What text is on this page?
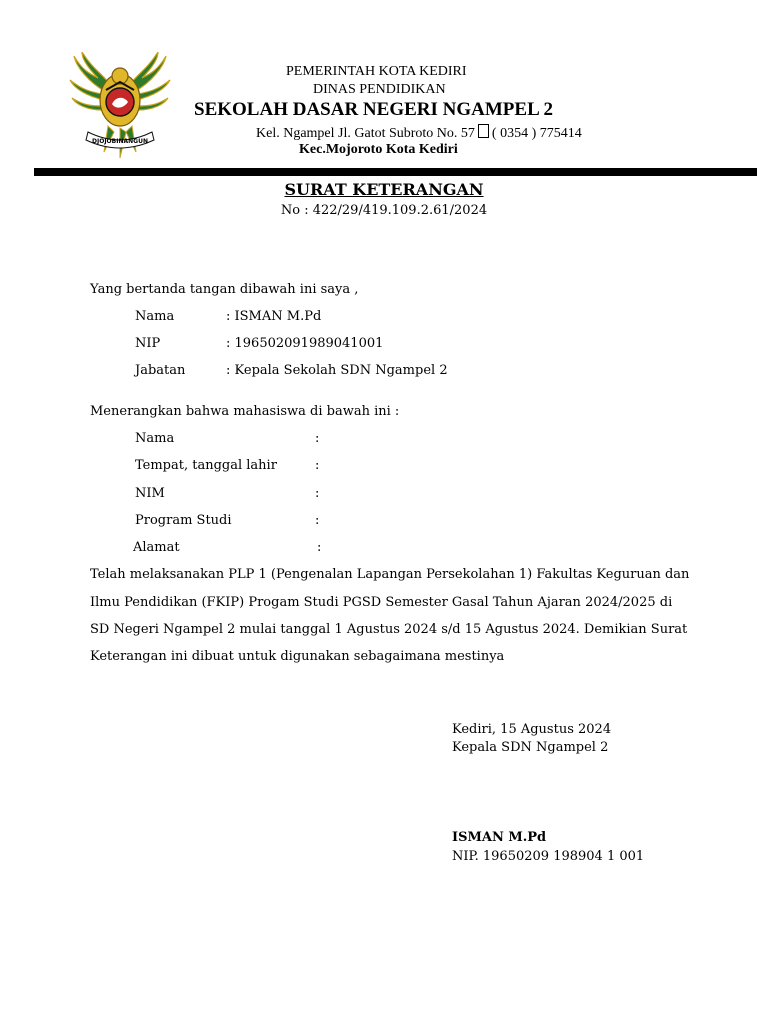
DJOJOBINANGUN
PEMERINTAH KOTA KEDIRI
DINAS PENDIDIKAN
SEKOLAH DASAR NEGERI NGAMPEL 2
Kel. Ngampel Jl. Gatot Subroto No. 57 ( 0354 ) 775414
Kec.Mojoroto Kota Kediri
SURAT KETERANGAN
No : 422/29/419.109.2.61/2024
Yang bertanda tangan dibawah ini saya ,
Nama	: ISMAN M.Pd
NIP	: 196502091989041001
Jabatan	: Kepala Sekolah SDN Ngampel 2
Menerangkan bahwa mahasiswa di bawah ini :
Nama	:
Tempat, tanggal lahir	:
NIM	:
Program Studi	:
Alamat	:
Telah melaksanakan PLP 1 (Pengenalan Lapangan Persekolahan 1) Fakultas Keguruan dan
Ilmu Pendidikan (FKIP) Progam Studi PGSD Semester Gasal Tahun Ajaran 2024/2025 di
SD Negeri Ngampel 2 mulai tanggal 1 Agustus 2024 s/d 15 Agustus 2024. Demikian Surat
Keterangan ini dibuat untuk digunakan sebagaimana mestinya
Kediri, 15 Agustus 2024
Kepala SDN Ngampel 2
ISMAN M.Pd
NIP. 19650209 198904 1 001
